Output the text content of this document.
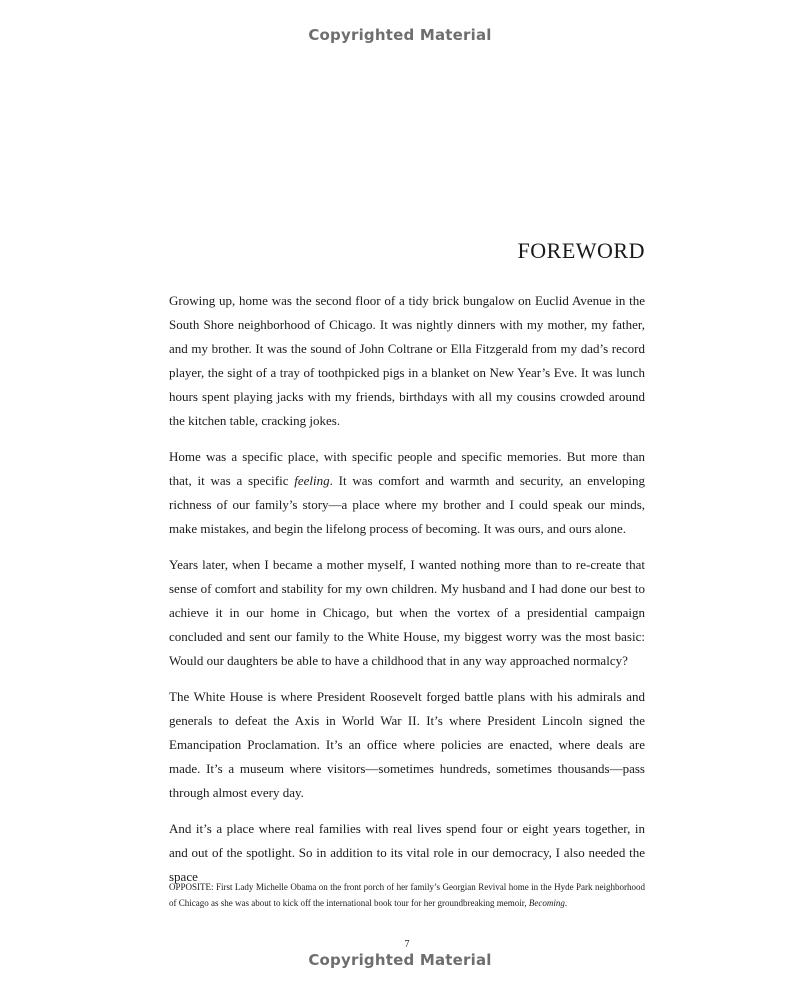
Copyrighted Material
FOREWORD

Growing up, home was the second floor of a tidy brick bungalow on Euclid Avenue in the South Shore neighborhood of Chicago. It was nightly dinners with my mother, my father, and my brother. It was the sound of John Coltrane or Ella Fitzgerald from my dad’s record player, the sight of a tray of toothpicked pigs in a blanket on New Year’s Eve. It was lunch hours spent playing jacks with my friends, birthdays with all my cousins crowded around the kitchen table, cracking jokes.

Home was a specific place, with specific people and specific memories. But more than that, it was a specific feeling. It was comfort and warmth and security, an enveloping richness of our family’s story—a place where my brother and I could speak our minds, make mistakes, and begin the lifelong process of becoming. It was ours, and ours alone.

Years later, when I became a mother myself, I wanted nothing more than to re-create that sense of comfort and stability for my own children. My husband and I had done our best to achieve it in our home in Chicago, but when the vortex of a presidential campaign concluded and sent our family to the White House, my biggest worry was the most basic: Would our daughters be able to have a childhood that in any way approached normalcy?

The White House is where President Roosevelt forged battle plans with his admirals and generals to defeat the Axis in World War II. It’s where President Lincoln signed the Emancipation Proclamation. It’s an office where policies are enacted, where deals are made. It’s a museum where visitors—sometimes hundreds, sometimes thousands—pass through almost every day.

And it’s a place where real families with real lives spend four or eight years together, in and out of the spotlight. So in addition to its vital role in our democracy, I also needed the space

OPPOSITE: First Lady Michelle Obama on the front porch of her family’s Georgian Revival home in the Hyde Park neighborhood of Chicago as she was about to kick off the international book tour for her groundbreaking memoir, Becoming.
7
Copyrighted Material
